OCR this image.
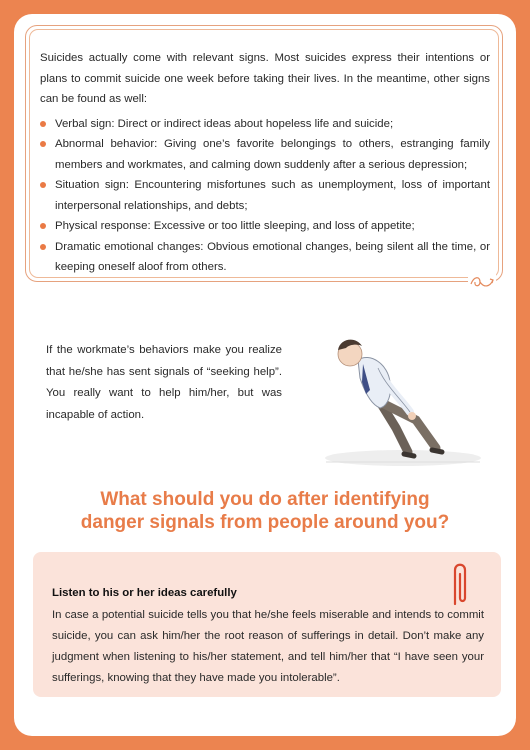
Suicides actually come with relevant signs. Most suicides express their intentions or plans to commit suicide one week before taking their lives. In the meantime, other signs can be found as well:

Verbal sign: Direct or indirect ideas about hopeless life and suicide;
Abnormal behavior: Giving one’s favorite belongings to others, estranging family members and workmates, and calming down suddenly after a serious depression;
Situation sign: Encountering misfortunes such as unemployment, loss of important interpersonal relationships, and debts;
Physical response: Excessive or too little sleeping, and loss of appetite;
Dramatic emotional changes: Obvious emotional changes, being silent all the time, or keeping oneself aloof from others.

If the workmate’s behaviors make you realize that he/she has sent signals of “seeking help”. You really want to help him/her, but was incapable of action.

What should you do after identifying
danger signals from people around you?

Listen to his or her ideas carefully

In case a potential suicide tells you that he/she feels miserable and intends to commit suicide, you can ask him/her the root reason of sufferings in detail. Don’t make any judgment when listening to his/her statement, and tell him/her that “I have seen your sufferings, knowing that they have made you intolerable”.
